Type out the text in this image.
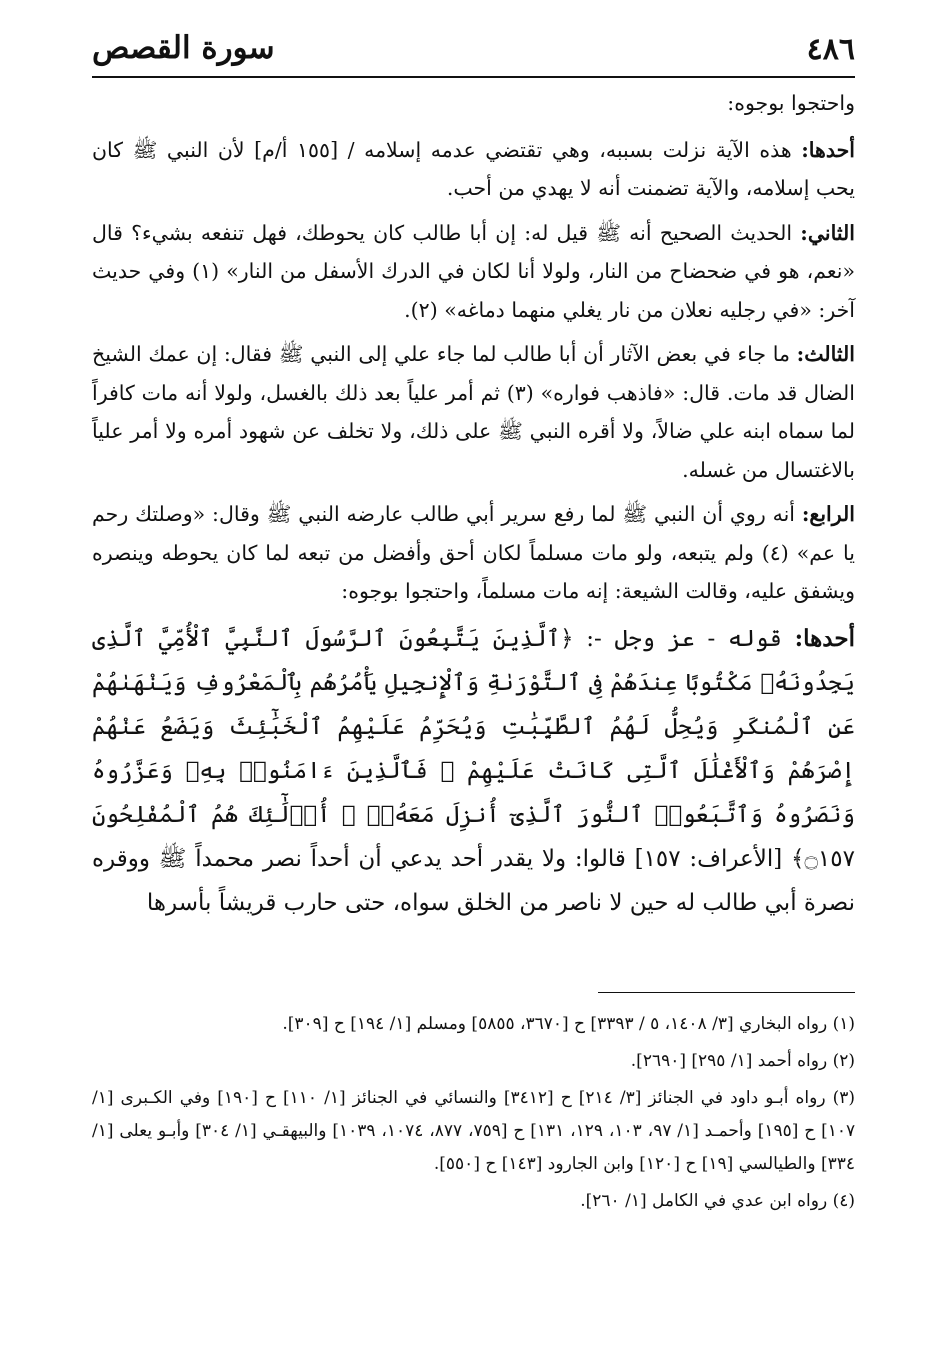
٤٨٦
سورة القصص

واحتجوا بوجوه:

أحدها: هذه الآية نزلت بسببه، وهي تقتضي عدمه إسلامه / [١٥٥ أ/م] لأن النبي ﷺ كان يحب إسلامه، والآية تضمنت أنه لا يهدي من أحب.

الثاني: الحديث الصحيح أنه ﷺ قيل له: إن أبا طالب كان يحوطك، فهل تنفعه بشيء؟ قال «نعم، هو في ضحضاح من النار، ولولا أنا لكان في الدرك الأسفل من النار» (١) وفي حديث آخر: «في رجليه نعلان من نار يغلي منهما دماغه» (٢).

الثالث: ما جاء في بعض الآثار أن أبا طالب لما جاء علي إلى النبي ﷺ فقال: إن عمك الشيخ الضال قد مات. قال: «فاذهب فواره» (٣) ثم أمر علياً بعد ذلك بالغسل، ولولا أنه مات كافراً لما سماه ابنه علي ضالاً، ولا أقره النبي ﷺ على ذلك، ولا تخلف عن شهود أمره ولا أمر علياً بالاغتسال من غسله.

الرابع: أنه روي أن النبي ﷺ لما رفع سرير أبي طالب عارضه النبي ﷺ وقال: «وصلتك رحم يا عم» (٤) ولم يتبعه، ولو مات مسلماً لكان أحق وأفضل من تبعه لما كان يحوطه وينصره ويشفق عليه، وقالت الشيعة: إنه مات مسلماً، واحتجوا بوجوه:

أحدها: قوله - عز وجل -: ﴿ٱلَّذِينَ يَتَّبِعُونَ ٱلرَّسُولَ ٱلنَّبِيَّ ٱلْأُمِّيَّ ٱلَّذِى يَجِدُونَهُۥ مَكْتُوبًا عِندَهُمْ فِى ٱلتَّوْرَىٰةِ وَٱلْإِنجِيلِ يَأْمُرُهُم بِٱلْمَعْرُوفِ وَيَنْهَىٰهُمْ عَنِ ٱلْمُنكَرِ وَيُحِلُّ لَهُمُ ٱلطَّيِّبَٰتِ وَيُحَرِّمُ عَلَيْهِمُ ٱلْخَبَٰٓئِثَ وَيَضَعُ عَنْهُمْ إِصْرَهُمْ وَٱلْأَغْلَٰلَ ٱلَّتِى كَانَتْ عَلَيْهِمْ ۚ فَٱلَّذِينَ ءَامَنُوا۟ بِهِۦ وَعَزَّرُوهُ وَنَصَرُوهُ وَٱتَّبَعُوا۟ ٱلنُّورَ ٱلَّذِىٓ أُنزِلَ مَعَهُۥٓ ۙ أُو۟لَٰٓئِكَ هُمُ ٱلْمُفْلِحُونَ ۝١٥٧﴾ [الأعراف: ١٥٧] قالوا: ولا يقدر أحد يدعي أن أحداً نصر محمداً ﷺ ووقره نصرة أبي طالب له حين لا ناصر من الخلق سواه، حتى حارب قريشاً بأسرها

(١) رواه البخاري [٣/ ١٤٠٨، ٥ / ٣٣٩٣] ح [٣٦٧٠، ٥٨٥٥] ومسلم [١/ ١٩٤] ح [٣٠٩].

(٢) رواه أحمد [١/ ٢٩٥] [٢٦٩٠].

(٣) رواه أبـو داود في الجنائز [٣/ ٢١٤] ح [٣٤١٢] والنسائي في الجنائز [١/ ١١٠] ح [١٩٠] وفي الكـبرى [١/ ١٠٧] ح [١٩٥] وأحمـد [١/ ٩٧، ١٠٣، ١٢٩، ١٣١] ح [٧٥٩، ٨٧٧، ١٠٧٤، ١٠٣٩] والبيهقـي [١/ ٣٠٤] وأبـو يعلى [١/ ٣٣٤] والطيالسي [١٩] ح [١٢٠] وابن الجارود [١٤٣] ح [٥٥٠].

(٤) رواه ابن عدي في الكامل [١/ ٢٦٠].
